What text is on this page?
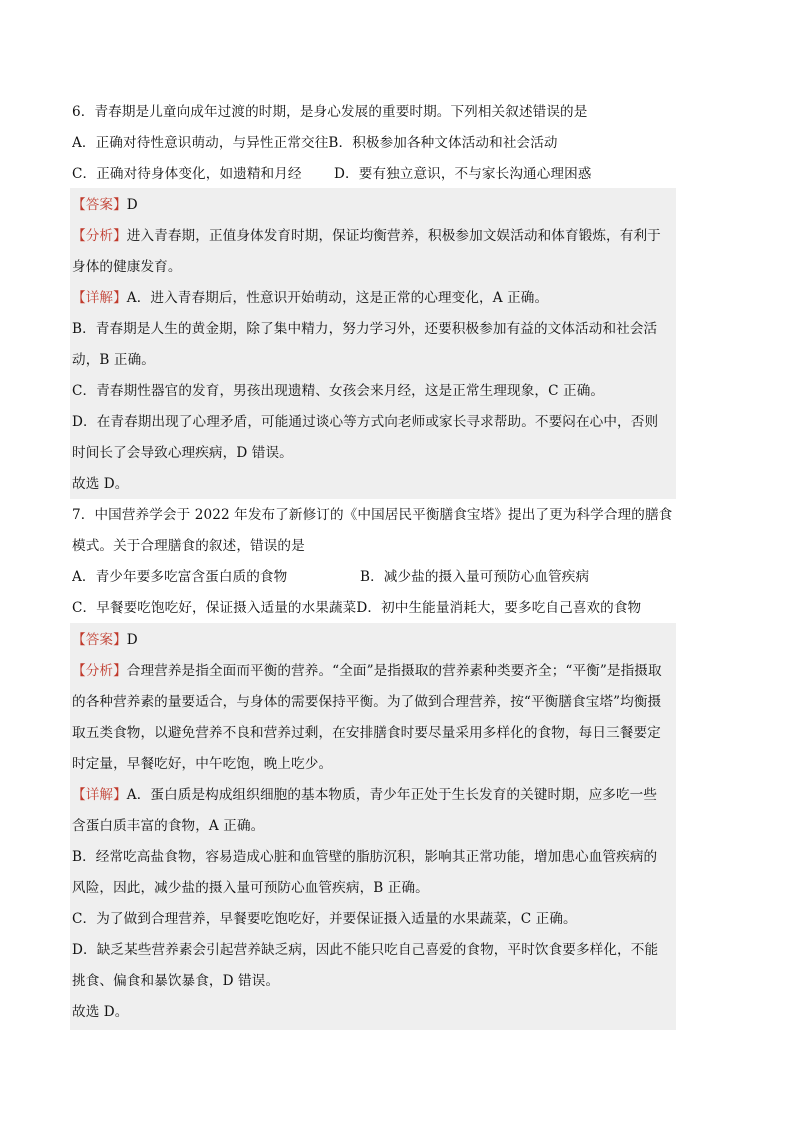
6．青春期是儿童向成年过渡的时期，是身心发展的重要时期。下列相关叙述错误的是
A．正确对待性意识萌动，与异性正常交往B．积极参加各种文体活动和社会活动
C．正确对待身体变化，如遗精和月经 D．要有独立意识，不与家长沟通心理困惑
【答案】D
【分析】进入青春期，正值身体发育时期，保证均衡营养，积极参加文娱活动和体育锻炼，有利于
身体的健康发育。
【详解】A．进入青春期后，性意识开始萌动，这是正常的心理变化，A 正确。
B．青春期是人生的黄金期，除了集中精力，努力学习外，还要积极参加有益的文体活动和社会活
动，B 正确。
C．青春期性器官的发育，男孩出现遗精、女孩会来月经，这是正常生理现象，C 正确。
D．在青春期出现了心理矛盾，可能通过谈心等方式向老师或家长寻求帮助。不要闷在心中，否则
时间长了会导致心理疾病，D 错误。
故选 D。
7．中国营养学会于 2022 年发布了新修订的《中国居民平衡膳食宝塔》提出了更为科学合理的膳食
模式。关于合理膳食的叙述，错误的是
A．青少年要多吃富含蛋白质的食物	B．减少盐的摄入量可预防心血管疾病
C．早餐要吃饱吃好，保证摄入适量的水果蔬菜D．初中生能量消耗大，要多吃自己喜欢的食物
【答案】D
【分析】合理营养是指全面而平衡的营养。“全面”是指摄取的营养素种类要齐全；“平衡”是指摄取
的各种营养素的量要适合，与身体的需要保持平衡。为了做到合理营养，按“平衡膳食宝塔”均衡摄
取五类食物，以避免营养不良和营养过剩，在安排膳食时要尽量采用多样化的食物，每日三餐要定
时定量，早餐吃好，中午吃饱，晚上吃少。
【详解】A．蛋白质是构成组织细胞的基本物质，青少年正处于生长发育的关键时期，应多吃一些
含蛋白质丰富的食物，A 正确。
B．经常吃高盐食物，容易造成心脏和血管壁的脂肪沉积，影响其正常功能，增加患心血管疾病的
风险，因此，减少盐的摄入量可预防心血管疾病，B 正确。
C．为了做到合理营养，早餐要吃饱吃好，并要保证摄入适量的水果蔬菜，C 正确。
D．缺乏某些营养素会引起营养缺乏病，因此不能只吃自己喜爱的食物，平时饮食要多样化，不能
挑食、偏食和暴饮暴食，D 错误。
故选 D。
